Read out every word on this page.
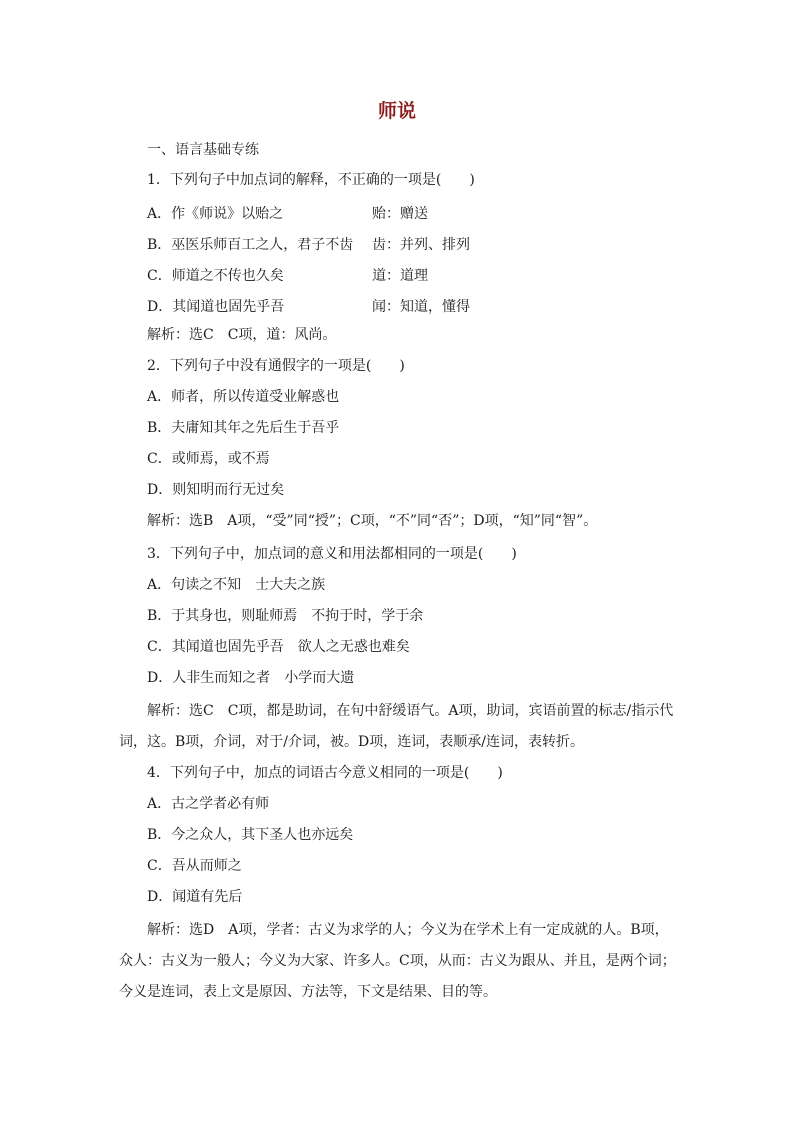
师说
一、语言基础专练
1．下列句子中加点词的解释，不正确的一项是(　　)
A．作《师说》以贻之	贻：赠送
B．巫医乐师百工之人，君子不齿 齿：并列、排列
C．师道之不传也久矣	道：道理
D．其闻道也固先乎吾	闻：知道，懂得
解析：选C　C项，道：风尚。
2．下列句子中没有通假字的一项是(　　)
A．师者，所以传道受业解惑也
B．夫庸知其年之先后生于吾乎
C．或师焉，或不焉
D．则知明而行无过矣
解析：选B　A项，“受”同“授”；C项，“不”同“否”；D项，“知”同“智”。
3．下列句子中，加点词的意义和用法都相同的一项是(　　)
A．句读之不知　士大夫之族
B．于其身也，则耻师焉　不拘于时，学于余
C．其闻道也固先乎吾　欲人之无惑也难矣
D．人非生而知之者　小学而大遗
解析：选C　C项，都是助词，在句中舒缓语气。A项，助词，宾语前置的标志/指示代
词，这。B项，介词，对于/介词，被。D项，连词，表顺承/连词，表转折。
4．下列句子中，加点的词语古今意义相同的一项是(　　)
A．古之学者必有师
B．今之众人，其下圣人也亦远矣
C．吾从而师之
D．闻道有先后
解析：选D　A项，学者：古义为求学的人；今义为在学术上有一定成就的人。B项，
众人：古义为一般人；今义为大家、许多人。C项，从而：古义为跟从、并且，是两个词；
今义是连词，表上文是原因、方法等，下文是结果、目的等。
